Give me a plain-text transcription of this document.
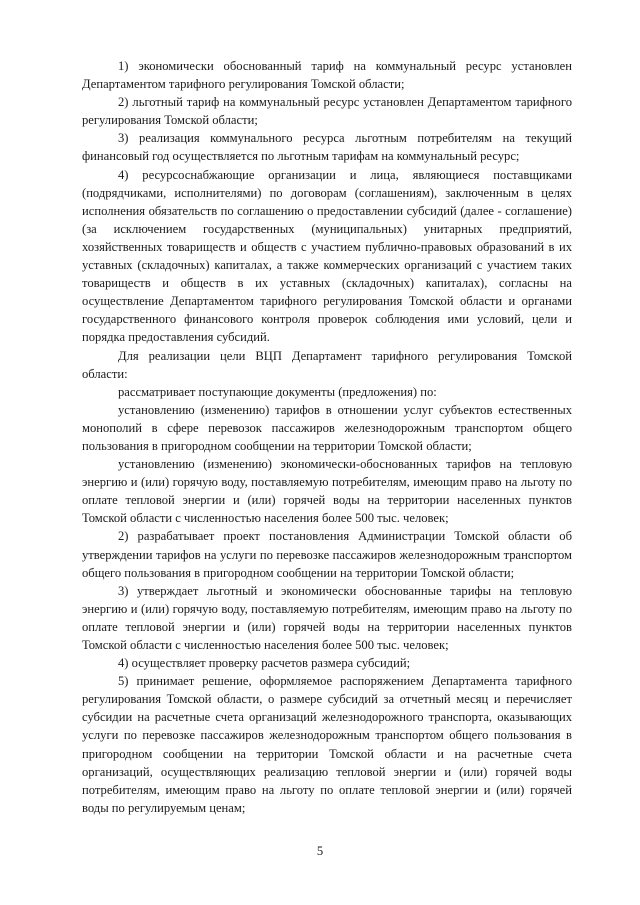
1) экономически обоснованный тариф на коммунальный ресурс установлен Департаментом тарифного регулирования Томской области;

2) льготный тариф на коммунальный ресурс установлен Департаментом тарифного регулирования Томской области;

3) реализация коммунального ресурса льготным потребителям на текущий финансовый год осуществляется по льготным тарифам на коммунальный ресурс;

4) ресурсоснабжающие организации и лица, являющиеся поставщиками (подрядчиками, исполнителями) по договорам (соглашениям), заключенным в целях исполнения обязательств по соглашению о предоставлении субсидий (далее - соглашение) (за исключением государственных (муниципальных) унитарных предприятий, хозяйственных товариществ и обществ с участием публично-правовых образований в их уставных (складочных) капиталах, а также коммерческих организаций с участием таких товариществ и обществ в их уставных (складочных) капиталах), согласны на осуществление Департаментом тарифного регулирования Томской области и органами государственного финансового контроля проверок соблюдения ими условий, цели и порядка предоставления субсидий.

Для реализации цели ВЦП Департамент тарифного регулирования Томской области:

рассматривает поступающие документы (предложения) по:

установлению (изменению) тарифов в отношении услуг субъектов естественных монополий в сфере перевозок пассажиров железнодорожным транспортом общего пользования в пригородном сообщении на территории Томской области;

установлению (изменению) экономически-обоснованных тарифов на тепловую энергию и (или) горячую воду, поставляемую потребителям, имеющим право на льготу по оплате тепловой энергии и (или) горячей воды на территории населенных пунктов Томской области с численностью населения более 500 тыс. человек;

2) разрабатывает проект постановления Администрации Томской области об утверждении тарифов на услуги по перевозке пассажиров железнодорожным транспортом общего пользования в пригородном сообщении на территории Томской области;

3) утверждает льготный и экономически обоснованные тарифы на тепловую энергию и (или) горячую воду, поставляемую потребителям, имеющим право на льготу по оплате тепловой энергии и (или) горячей воды на территории населенных пунктов Томской области с численностью населения более 500 тыс. человек;

4) осуществляет проверку расчетов размера субсидий;

5) принимает решение, оформляемое распоряжением Департамента тарифного регулирования Томской области, о размере субсидий за отчетный месяц и перечисляет субсидии на расчетные счета организаций железнодорожного транспорта, оказывающих услуги по перевозке пассажиров железнодорожным транспортом общего пользования в пригородном сообщении на территории Томской области и на расчетные счета организаций, осуществляющих реализацию тепловой энергии и (или) горячей воды потребителям, имеющим право на льготу по оплате тепловой энергии и (или) горячей воды по регулируемым ценам;

5
